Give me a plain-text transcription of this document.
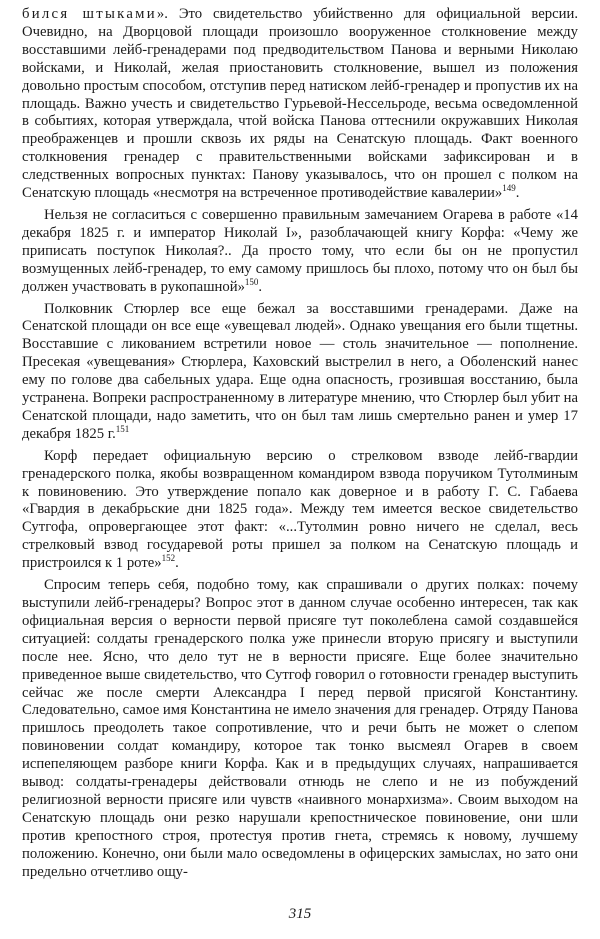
бился штыками». Это свидетельство убийственно для официальной версии. Очевидно, на Дворцовой площади произошло вооруженное столкновение между восставшими лейб-гренадерами под предводительством Панова и верными Николаю войсками, и Николай, желая приостановить столкновение, вышел из положения довольно простым способом, отступив перед натиском лейб-гренадер и пропустив их на площадь. Важно учесть и свидетельство Гурьевой-Нессельроде, весьма осведомленной в событиях, которая утверждала, чтой войска Панова оттеснили окружавших Николая преображенцев и прошли сквозь их ряды на Сенатскую площадь. Факт военного столкновения гренадер с правительственными войсками зафиксирован и в следственных вопросных пунктах: Панову указывалось, что он прошел с полком на Сенатскую площадь «несмотря на встреченное противодействие кавалерии»$^{149}$.

Нельзя не согласиться с совершенно правильным замечанием Огарева в работе «14 декабря 1825 г. и император Николай I», разоблачающей книгу Корфа: «Чему же приписать поступок Николая?.. Да просто тому, что если бы он не пропустил возмущенных лейб-гренадер, то ему самому пришлось бы плохо, потому что он был бы должен участвовать в рукопашной»$^{150}$.

Полковник Стюрлер все еще бежал за восставшими гренадерами. Даже на Сенатской площади он все еще «увещевал людей». Однако увещания его были тщетны. Восставшие с ликованием встретили новое — столь значительное — пополнение. Пресекая «увещевания» Стюрлера, Каховский выстрелил в него, а Оболенский нанес ему по голове два сабельных удара. Еще одна опасность, грозившая восстанию, была устранена. Вопреки распространенному в литературе мнению, что Стюрлер был убит на Сенатской площади, надо заметить, что он был там лишь смертельно ранен и умер 17 декабря 1825 г.$^{151}$

Корф передает официальную версию о стрелковом взводе лейб-гвардии гренадерского полка, якобы возвращенном командиром взвода поручиком Тутолминым к повиновению. Это утверждение попало как доверное и в работу Г. С. Габаева «Гвардия в декабрьские дни 1825 года». Между тем имеется веское свидетельство Сутгофа, опровергающее этот факт: «...Тутолмин ровно ничего не сделал, весь стрелковый взвод государевой роты пришел за полком на Сенатскую площадь и пристроился к 1 роте»$^{152}$.

Спросим теперь себя, подобно тому, как спрашивали о других полках: почему выступили лейб-гренадеры? Вопрос этот в данном случае особенно интересен, так как официальная версия о верности первой присяге тут поколеблена самой создавшейся ситуацией: солдаты гренадерского полка уже принесли вторую присягу и выступили после нее. Ясно, что дело тут не в верности присяге. Еще более значительно приведенное выше свидетельство, что Сутгоф говорил о готовности гренадер выступить сейчас же после смерти Александра I перед первой присягой Константину. Следовательно, самое имя Константина не имело значения для гренадер. Отряду Панова пришлось преодолеть такое сопротивление, что и речи быть не может о слепом повиновении солдат командиру, которое так тонко высмеял Огарев в своем испепеляющем разборе книги Корфа. Как и в предыдущих случаях, напрашивается вывод: солдаты-гренадеры действовали отнюдь не слепо и не из побуждений религиозной верности присяге или чувств «наивного монархизма». Своим выходом на Сенатскую площадь они резко нарушали крепостническое повиновение, они шли против крепостного строя, протестуя против гнета, стремясь к новому, лучшему положению. Конечно, они были мало осведомлены в офицерских замыслах, но зато они предельно отчетливо ощу-

315
